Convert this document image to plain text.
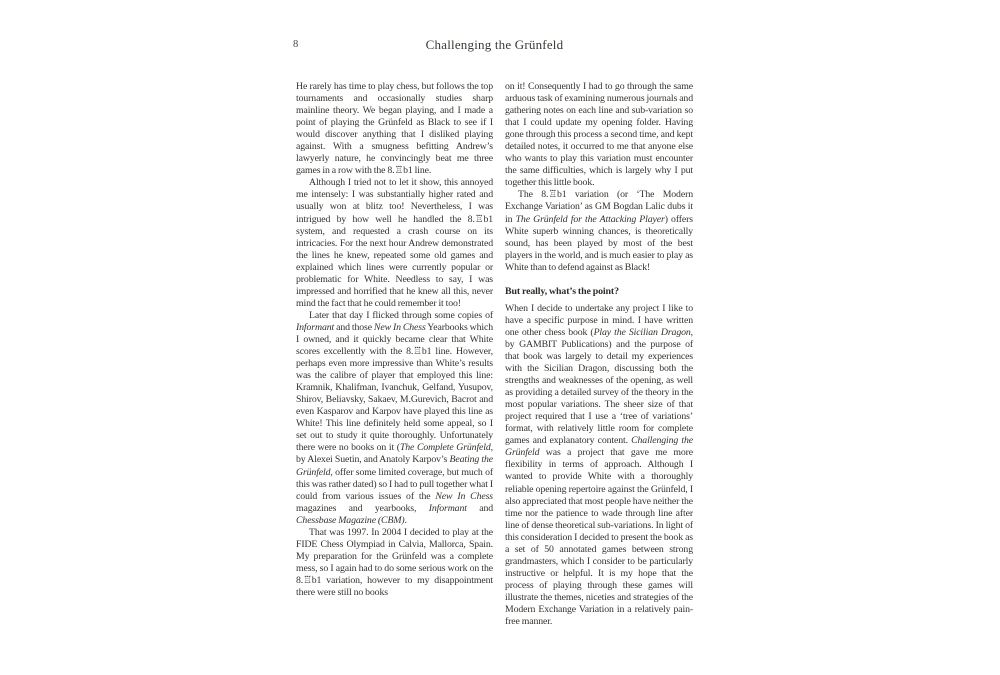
8	Challenging the Grünfeld

He rarely has time to play chess, but follows the top tournaments and occasionally studies sharp mainline theory. We began playing, and I made a point of playing the Grünfeld as Black to see if I would discover anything that I disliked playing against. With a smugness befitting Andrew’s lawyerly nature, he convincingly beat me three games in a row with the 8.♖b1 line.

Although I tried not to let it show, this annoyed me intensely: I was substantially higher rated and usually won at blitz too! Nevertheless, I was intrigued by how well he handled the 8.♖b1 system, and requested a crash course on its intricacies. For the next hour Andrew demonstrated the lines he knew, repeated some old games and explained which lines were currently popular or problematic for White. Needless to say, I was impressed and horrified that he knew all this, never mind the fact that he could remember it too!

Later that day I flicked through some copies of Informant and those New In Chess Yearbooks which I owned, and it quickly became clear that White scores excellently with the 8.♖b1 line. However, perhaps even more impressive than White’s results was the calibre of player that employed this line: Kramnik, Khalifman, Ivanchuk, Gelfand, Yusupov, Shirov, Beliavsky, Sakaev, M.Gurevich, Bacrot and even Kasparov and Karpov have played this line as White! This line definitely held some appeal, so I set out to study it quite thoroughly. Unfortunately there were no books on it (The Complete Grünfeld, by Alexei Suetin, and Anatoly Karpov’s Beating the Grünfeld, offer some limited coverage, but much of this was rather dated) so I had to pull together what I could from various issues of the New In Chess magazines and yearbooks, Informant and Chessbase Magazine (CBM).

That was 1997. In 2004 I decided to play at the FIDE Chess Olympiad in Calvia, Mallorca, Spain. My preparation for the Grünfeld was a complete mess, so I again had to do some serious work on the 8.♖b1 variation, however to my disappointment there were still no books

on it! Consequently I had to go through the same arduous task of examining numerous journals and gathering notes on each line and sub-variation so that I could update my opening folder. Having gone through this process a second time, and kept detailed notes, it occurred to me that anyone else who wants to play this variation must encounter the same difficulties, which is largely why I put together this little book.

The 8.♖b1 variation (or ‘The Modern Exchange Variation’ as GM Bogdan Lalic dubs it in The Grünfeld for the Attacking Player) offers White superb winning chances, is theoretically sound, has been played by most of the best players in the world, and is much easier to play as White than to defend against as Black!

But really, what’s the point?

When I decide to undertake any project I like to have a specific purpose in mind. I have written one other chess book (Play the Sicilian Dragon, by GAMBIT Publications) and the purpose of that book was largely to detail my experiences with the Sicilian Dragon, discussing both the strengths and weaknesses of the opening, as well as providing a detailed survey of the theory in the most popular variations. The sheer size of that project required that I use a ‘tree of variations’ format, with relatively little room for complete games and explanatory content. Challenging the Grünfeld was a project that gave me more flexibility in terms of approach. Although I wanted to provide White with a thoroughly reliable opening repertoire against the Grünfeld, I also appreciated that most people have neither the time nor the patience to wade through line after line of dense theoretical sub-variations. In light of this consideration I decided to present the book as a set of 50 annotated games between strong grandmasters, which I consider to be particularly instructive or helpful. It is my hope that the process of playing through these games will illustrate the themes, niceties and strategies of the Modern Exchange Variation in a relatively pain-free manner.
